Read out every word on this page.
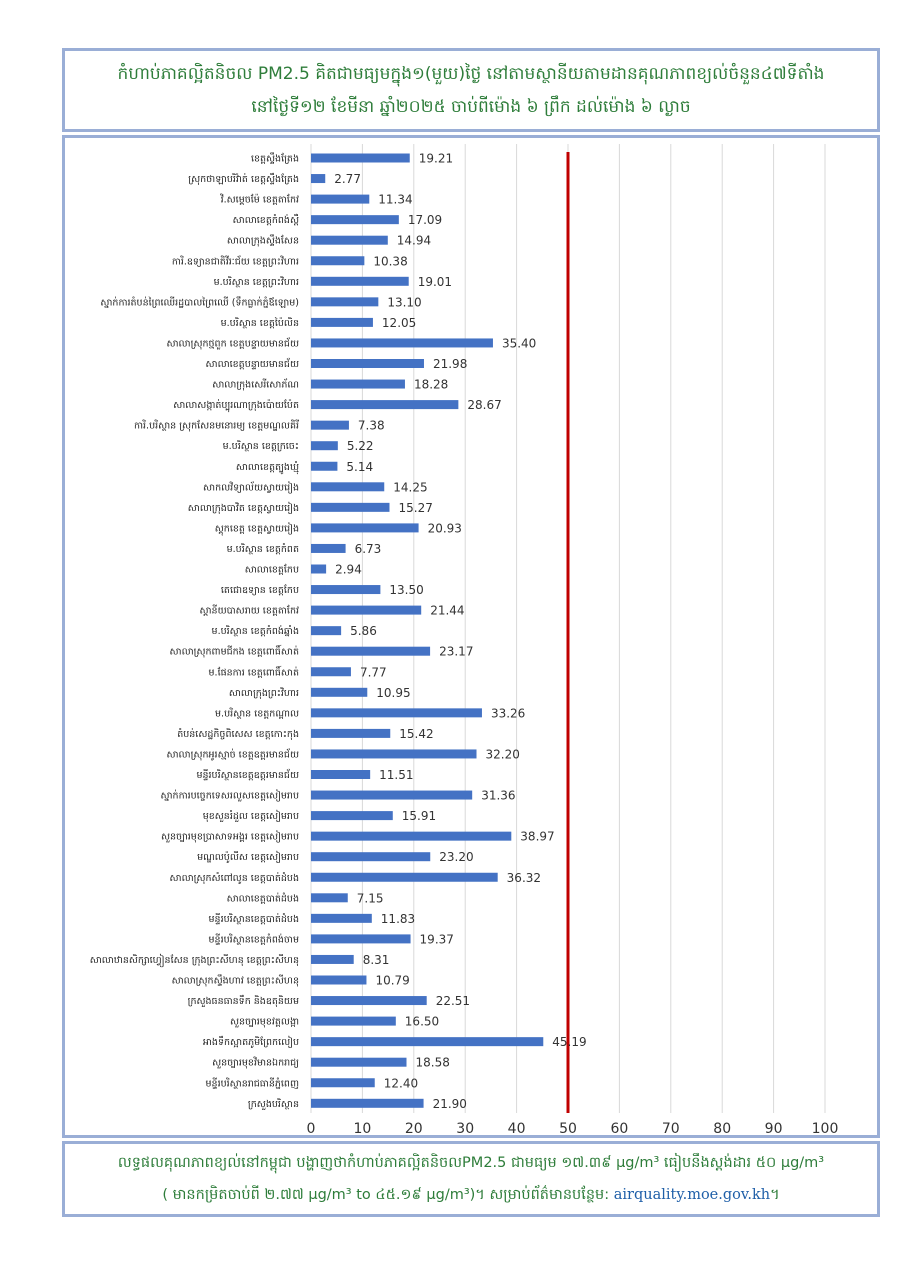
កំហាប់ភាគល្អិតនិចល PM2.5 គិតជាមធ្យមក្នុង១(មួយ)ថ្ងៃ នៅតាមស្ថានីយតាមដានគុណភាពខ្យល់ចំនួន៤៧ទីតាំង
នៅថ្ងៃទី១២ ខែមីនា ឆ្នាំ២០២៥ ចាប់ពីម៉ោង ៦ ព្រឹក ដល់ម៉ោង ៦ ល្ងាច
0	10 20 30 40 50 60 70 80 90 100
ខេត្តស្ទឹងត្រែង	19.21
ស្រុកថាឡាបរិវ៉ាត់ ខេត្តស្ទឹងត្រែង	2.77
វិ.សម្តេចម៉ែ ខេត្តតាកែវ	11.34
សាលាខេត្តកំពង់ស្ពឺ	17.09
សាលាក្រុងស្ទឹងសែន	14.94
ការិ.ឧទ្យានជាតិវីរៈជ័យ ខេត្តព្រះវិហារ	10.38
ម.បរិស្ថាន ខេត្តព្រះវិហារ	19.01
ស្នាក់ការតំបន់ព្រៃឈើរដ្ឋបាលព្រៃឈើ (ទឹកធ្លាក់ភ្នំឪឡោម)	13.10
ម.បរិស្ថាន ខេត្តប៉ៃលិន	12.05
សាលាស្រុកថ្មពួក ខេត្តបន្ទាយមានជ័យ	35.40
សាលាខេត្តបន្ទាយមានជ័យ	21.98
សាលាក្រុងសេរីសោភ័ណ	18.28
សាលាសង្កាត់ប្បុរណាក្រុងប៉ោយប៉ែត	28.67
ការិ.បរិស្ថាន ស្រុកសែនមនោរម្យ ខេត្តមណ្ឌលគិរី	7.38
ម.បរិស្ថាន ខេត្តក្រចេះ	5.22
សាលាខេត្តត្បូងឃ្មុំ	5.14
សាកលវិទ្យាល័យស្វាយរៀង	14.25
សាលាក្រុងបាវិត ខេត្តស្វាយរៀង	15.27
ស្តុកខេត្ត ខេត្តស្វាយរៀង	20.93
ម.បរិស្ថាន ខេត្តកំពត	6.73
សាលាខេត្តកែប	2.94
តេជោឧទ្យាន ខេត្តកែប	13.50
ស្តានីយបាសរាយ ខេត្តតាកែវ	21.44
ម.បរិស្ថាន ខេត្តកំពង់ឆ្នាំង	5.86
សាលាស្រុកពាមជីកង ខេត្តពោធិ៍សាត់	23.17
ម.ផែនការ ខេត្តពោធិ៍សាត់	7.77
សាលាក្រុងព្រះវិហារ	10.95
ម.បរិស្ថាន ខេត្តកណ្តាល	33.26
តំបន់សេដ្ឋកិច្ចពិសេស ខេត្តកោះកុង	15.42
សាលាស្រុកអូរស្មាច់ ខេត្តឧត្តរមានជ័យ	32.20
មន្ទីរបរិស្ថានខេត្តឧត្តរមានជ័យ	11.51
ស្នាក់ការបច្ចេកទេសរលួសខេត្តសៀមរាប	31.36
មុខសួនរំដួល ខេត្តសៀមរាប	15.91
សួនច្បារមុខប្រាសាទអង្គរ ខេត្តសៀមរាប	38.97
មណ្ឌលប៉ូលីស ខេត្តសៀមរាប	23.20
សាលាស្រុកសំពៅលូន ខេត្តបាត់ដំបង	36.32
សាលាខេត្តបាត់ដំបង	7.15
មន្ទីរបរិស្ថានខេត្តបាត់ដំបង	11.83
មន្ទីរបរិស្ថានខេត្តកំពង់ចាម	19.37
សាលាឋានសិក្សាហ្វៀនសែន ក្រុងព្រះសីហនុ ខេត្តព្រះសីហនុ	8.31
សាលាស្រុកស្ទឹងហាវ ខេត្តព្រះសីហនុ	10.79
ក្រសួងធនធានទឹក និងឧតុនិយម	22.51
សួនច្បារមុខវត្តលង្កា	16.50
អាងទឹកស្អាតភូមិព្រែកលៀប	45.19
សួនច្បារមុខវិមានឯករាជ្យ	18.58
មន្ទីរបរិស្ថានរាជធានីភ្នំពេញ	12.40
ក្រសួងបរិស្ថាន	21.90
លទ្ធផលគុណភាពខ្យល់នៅកម្ពុជា បង្ហាញថាកំហាប់ភាគល្អិតនិចលPM2.5 ជាមធ្យម ១៧.៣៩ µg/m³ ធៀបនឹងស្តង់ដារ ៥០ µg/m³
( មានកម្រិតចាប់ពី ២.៧៧ µg/m³ to ៤៥.១៩ µg/m³)។ សម្រាប់ព័ត៌មានបន្ថែម: airquality.moe.gov.kh។
